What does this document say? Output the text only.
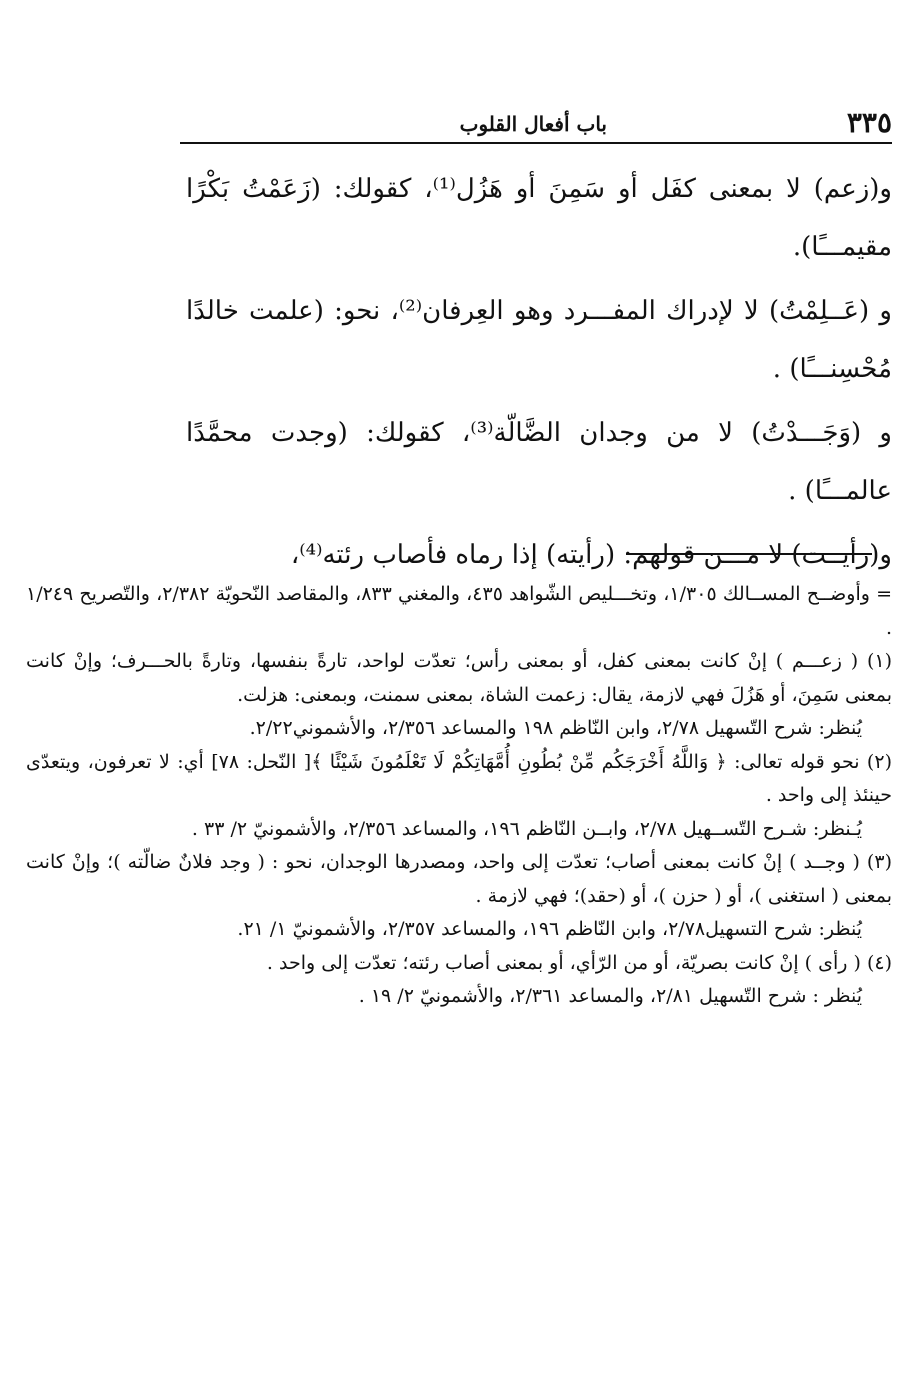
٣٣٥
باب أفعال القلوب

و(زعم) لا بمعنى كفَل أو سَمِنَ أو هَزُل⁽¹⁾، كقولك: (زَعَمْتُ بَكْرًا مقيمـــًا).

و (عَــلِمْتُ) لا لإدراك المفـــرد وهو العِرفان⁽²⁾، نحو: (علمت خالدًا مُحْسِنـــًا) .

و (وَجَـــدْتُ) لا من وجدان الضَّالّة⁽³⁾، كقولك: (وجدت محمَّدًا عالمـــًا) .

و(رأيــت) لا مـــن قولهم: (رأيته) إذا رماه فأصاب رئته⁽⁴⁾،

= وأوضــح المســالك ١/٣٠٥، وتخـــليص الشّواهد ٤٣٥، والمغني ٨٣٣، والمقاصد النّحويّة ٢/٣٨٢، والتّصريح ١/٢٤٩ .

(١) ( زعـــم ) إنْ كانت بمعنى كفل، أو بمعنى رأس؛ تعدّت لواحد، تارةً بنفسها، وتارةً بالحـــرف؛ وإنْ كانت بمعنى سَمِنَ، أو هَزُلَ فهي لازمة، يقال: زعمت الشاة، بمعنى سمنت، وبمعنى: هزلت.

يُنظر: شرح التّسهيل ٢/٧٨، وابن النّاظم ١٩٨ والمساعد ٢/٣٥٦، والأشموني٢/٢٢.

(٢) نحو قوله تعالى: ﴿ وَاللَّهُ أَخْرَجَكُم مِّنْ بُطُونِ أُمَّهَاتِكُمْ لَا تَعْلَمُونَ شَيْئًا ﴾[ النّحل: ٧٨] أي: لا تعرفون، ويتعدّى حينئذ إلى واحد .

يُـنظر: شـرح التّســهيل ٢/٧٨، وابــن النّاظم ١٩٦، والمساعد ٢/٣٥٦، والأشمونيّ ٢/ ٣٣ .

(٣) ( وجــد ) إنْ كانت بمعنى أصاب؛ تعدّت إلى واحد، ومصدرها الوجدان، نحو : ( وجد فلانٌ ضالّته )؛ وإنْ كانت بمعنى ( استغنى )، أو ( حزن )، أو (حقد)؛ فهي لازمة .

يُنظر: شرح التسهيل٢/٧٨، وابن النّاظم ١٩٦، والمساعد ٢/٣٥٧، والأشمونيّ ١/ ٢١.

(٤) ( رأى ) إنْ كانت بصريّة، أو من الرّأي، أو بمعنى أصاب رئته؛ تعدّت إلى واحد .

يُنظر : شرح التّسهيل ٢/٨١، والمساعد ٢/٣٦١، والأشمونيّ ٢/ ١٩ .
